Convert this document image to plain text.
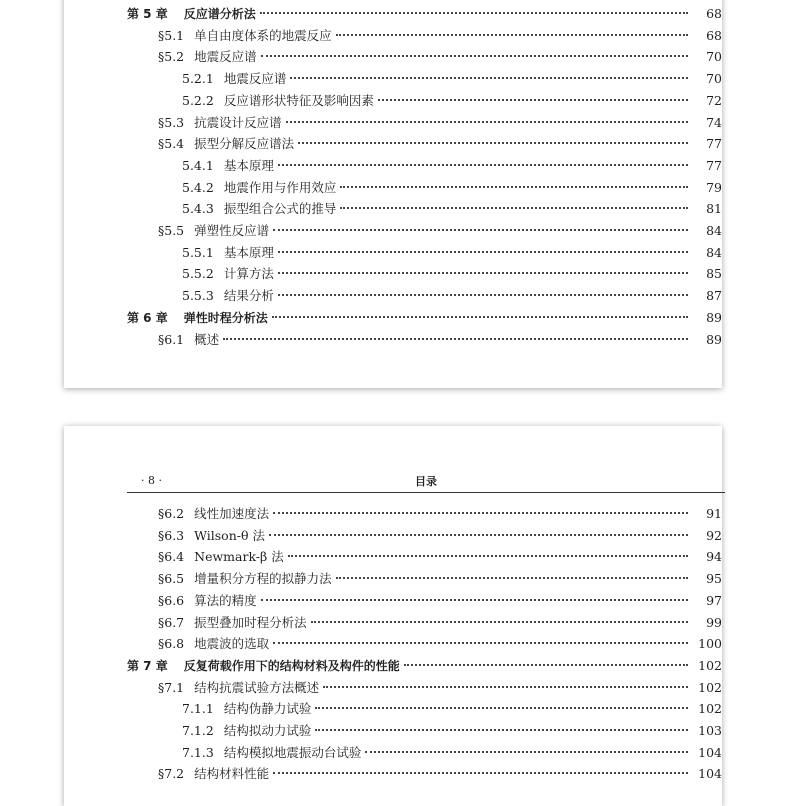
第 5 章 反应谱分析法	68
§5.1 单自由度体系的地震反应	68
§5.2 地震反应谱	70
5.2.1 地震反应谱	70
5.2.2 反应谱形状特征及影响因素	72
§5.3 抗震设计反应谱	74
§5.4 振型分解反应谱法	77
5.4.1 基本原理	77
5.4.2 地震作用与作用效应	79
5.4.3 振型组合公式的推导	81
§5.5 弹塑性反应谱	84
5.5.1 基本原理	84
5.5.2 计算方法	85
5.5.3 结果分析	87
第 6 章 弹性时程分析法	89
§6.1 概述	89
· 8 ·	目录
§6.2 线性加速度法	91
§6.3 Wilson-θ 法	92
§6.4 Newmark-β 法	94
§6.5 增量积分方程的拟静力法	95
§6.6 算法的精度	97
§6.7 振型叠加时程分析法	99
§6.8 地震波的选取	100
第 7 章 反复荷载作用下的结构材料及构件的性能	102
§7.1 结构抗震试验方法概述	102
7.1.1 结构伪静力试验	102
7.1.2 结构拟动力试验	103
7.1.3 结构模拟地震振动台试验	104
§7.2 结构材料性能	104
